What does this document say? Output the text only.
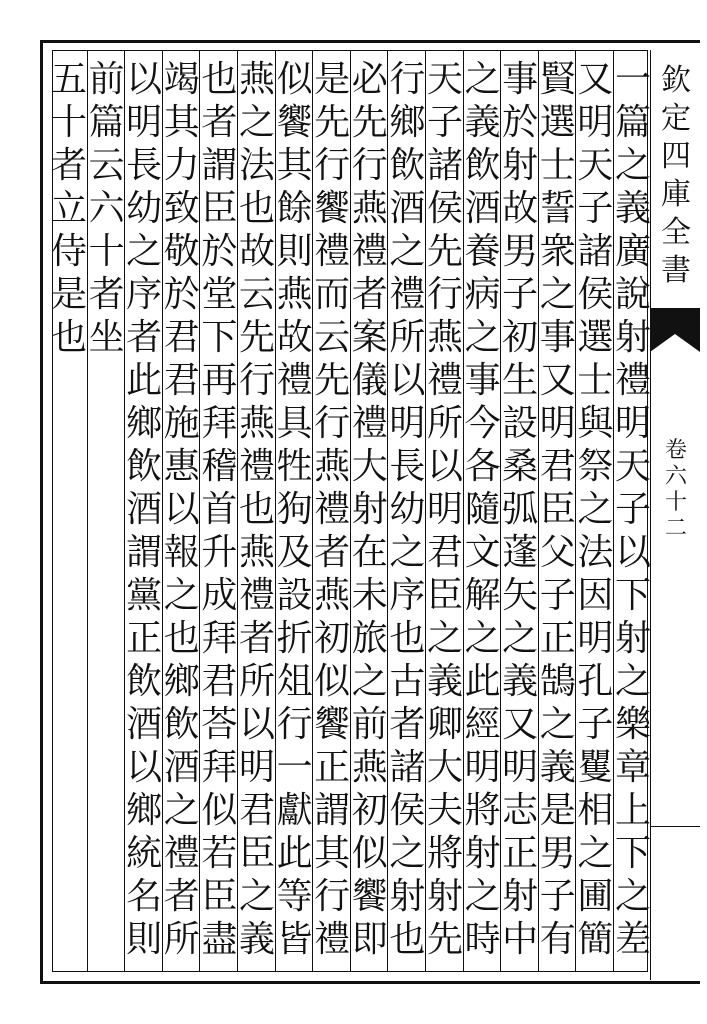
欽
定
四
庫
全
書
卷
六
十
二
一
篇
之
義
廣
說
射
禮
明
天
子
以
下
射
之
樂
章
上
下
之
差
又
明
天
子
諸
侯
選
士
與
祭
之
法
因
明
孔
子
矍
相
之
圃
簡
賢
選
士
誓
衆
之
事
又
明
君
臣
父
子
正
鵠
之
義
是
男
子
有
事
於
射
故
男
子
初
生
設
桑
弧
蓬
矢
之
義
又
明
志
正
射
中
之
義
飲
酒
養
病
之
事
今
各
隨
文
解
之
此
經
明
將
射
之
時
天
子
諸
侯
先
行
燕
禮
所
以
明
君
臣
之
義
卿
大
夫
將
射
先
行
鄉
飲
酒
之
禮
所
以
明
長
幼
之
序
也
古
者
諸
侯
之
射
也
必
先
行
燕
禮
者
案
儀
禮
大
射
在
未
旅
之
前
燕
初
似
饗
即
是
先
行
饗
禮
而
云
先
行
燕
禮
者
燕
初
似
饗
正
謂
其
行
禮
似
饗
其
餘
則
燕
故
禮
具
牲
狗
及
設
折
俎
行
一
獻
此
等
皆
燕
之
法
也
故
云
先
行
燕
禮
也
燕
禮
者
所
以
明
君
臣
之
義
也
者
謂
臣
於
堂
下
再
拜
稽
首
升
成
拜
君
荅
拜
似
若
臣
盡
竭
其
力
致
敬
於
君
君
施
惠
以
報
之
也
鄉
飲
酒
之
禮
者
所
以
明
長
幼
之
序
者
此
鄉
飲
酒
謂
黨
正
飲
酒
以
鄉
統
名
則
前
篇
云
六
十
者
坐
五
十
者
立
侍
是
也
